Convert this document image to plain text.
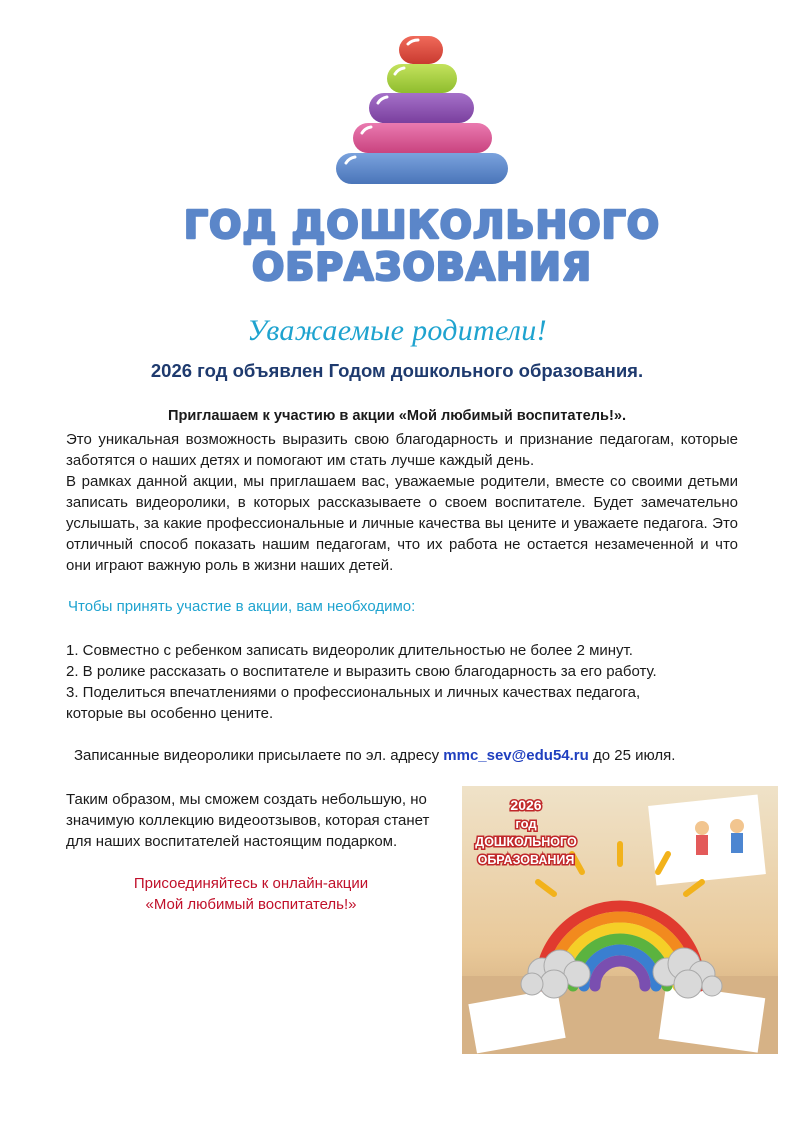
ГОД ДОШКОЛЬНОГО
ОБРАЗОВАНИЯ
Уважаемые родители!
2026 год объявлен Годом дошкольного образования.
Приглашаем к участию в акции «Мой любимый воспитатель!».
Это уникальная возможность выразить свою благодарность и признание педагогам, которые заботятся о наших детях и помогают им стать лучше каждый день.
В рамках данной акции, мы приглашаем вас, уважаемые родители, вместе со своими детьми записать видеоролики, в которых рассказываете о своем воспитателе. Будет замечательно услышать, за какие профессиональные и личные качества вы цените и уважаете педагога. Это отличный способ показать нашим педагогам, что их работа не остается незамеченной и что они играют важную роль в жизни наших детей.
Чтобы принять участие в акции, вам необходимо:
1. Совместно с ребенком записать видеоролик длительностью не более 2 минут.
2. В ролике рассказать о воспитателе и выразить свою благодарность за его работу.
3. Поделиться впечатлениями о профессиональных и личных качествах педагога,
которые вы особенно цените.
Записанные видеоролики присылаете по эл. адресу mmc_sev@edu54.ru до 25 июля.
Таким образом, мы сможем создать небольшую, но значимую коллекцию видеоотзывов, которая станет для наших воспитателей настоящим подарком.
Присоединяйтесь к онлайн-акции
«Мой любимый воспитатель!»
2026
год
ДОШКОЛЬНОГО
ОБРАЗОВАНИЯ
